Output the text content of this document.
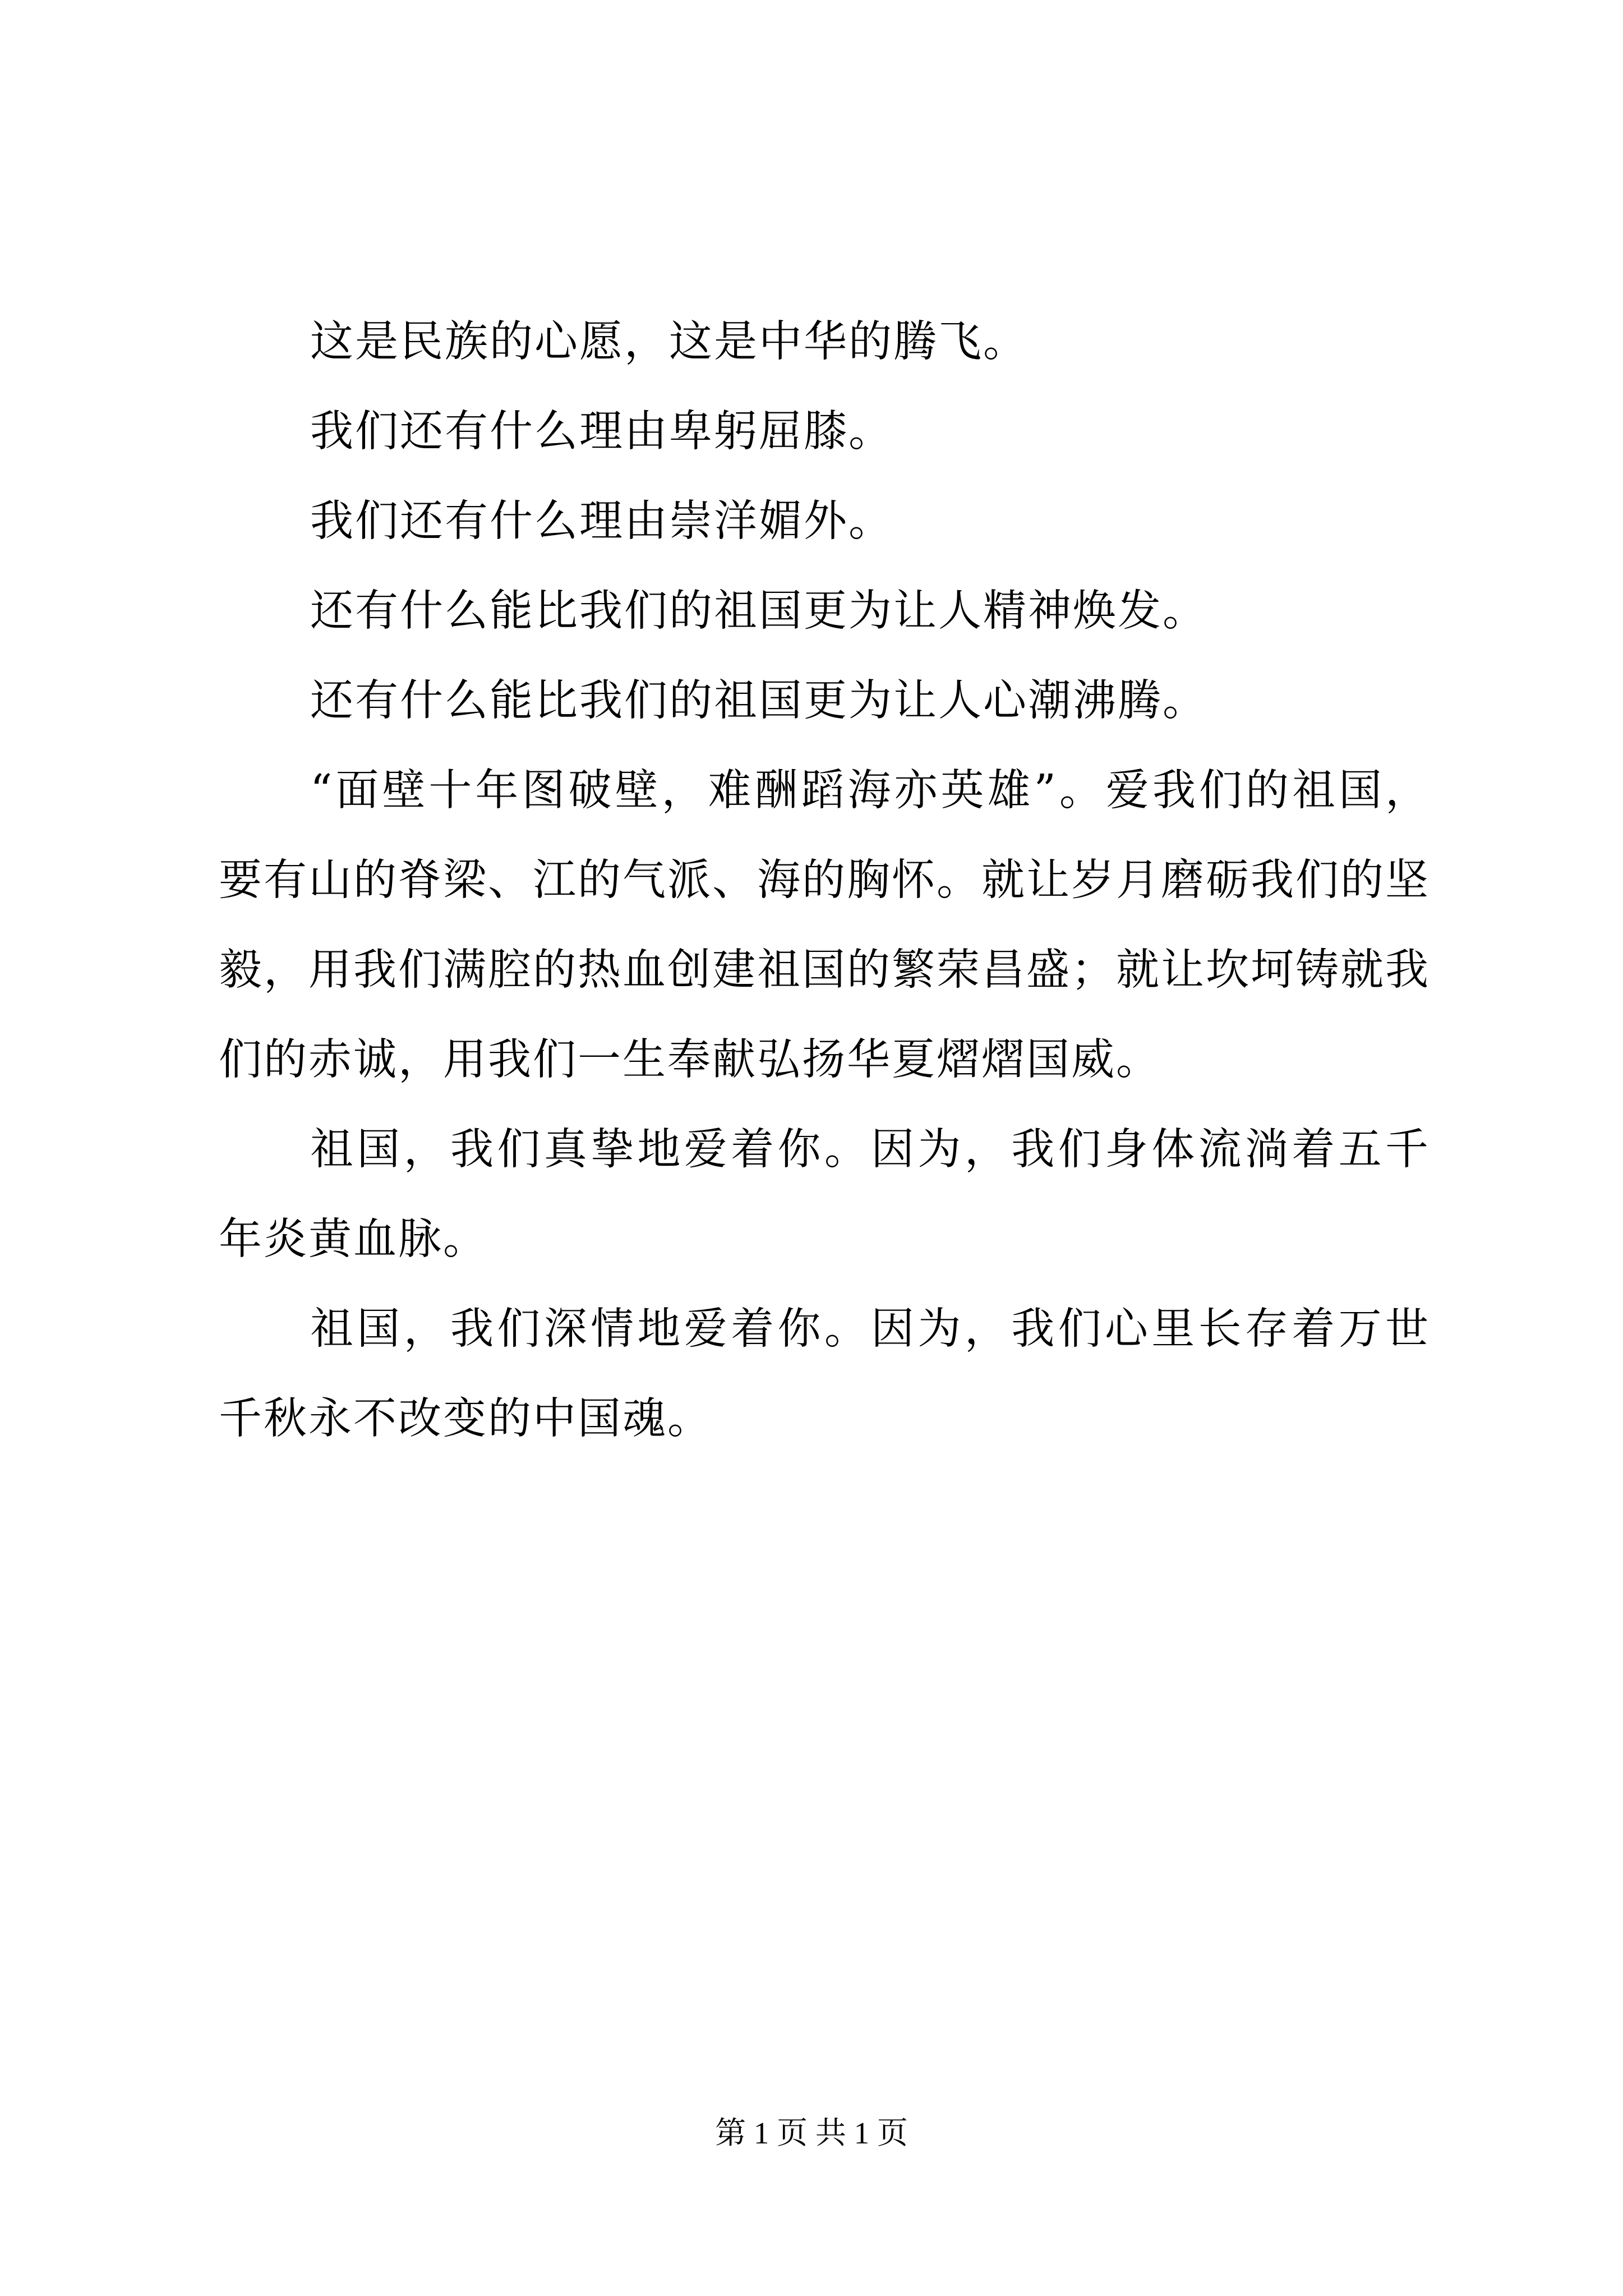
这是民族的心愿，这是中华的腾飞。

我们还有什么理由卑躬屈膝。

我们还有什么理由崇洋媚外。

还有什么能比我们的祖国更为让人精神焕发。

还有什么能比我们的祖国更为让人心潮沸腾。

“面壁十年图破壁，难酬蹈海亦英雄”。爱我们的祖国，要有山的脊梁、江的气派、海的胸怀。就让岁月磨砺我们的坚毅，用我们满腔的热血创建祖国的繁荣昌盛；就让坎坷铸就我们的赤诚，用我们一生奉献弘扬华夏熠熠国威。

祖国，我们真挚地爱着你。因为，我们身体流淌着五千年炎黄血脉。

祖国，我们深情地爱着你。因为，我们心里长存着万世千秋永不改变的中国魂。

第 1 页 共 1 页
